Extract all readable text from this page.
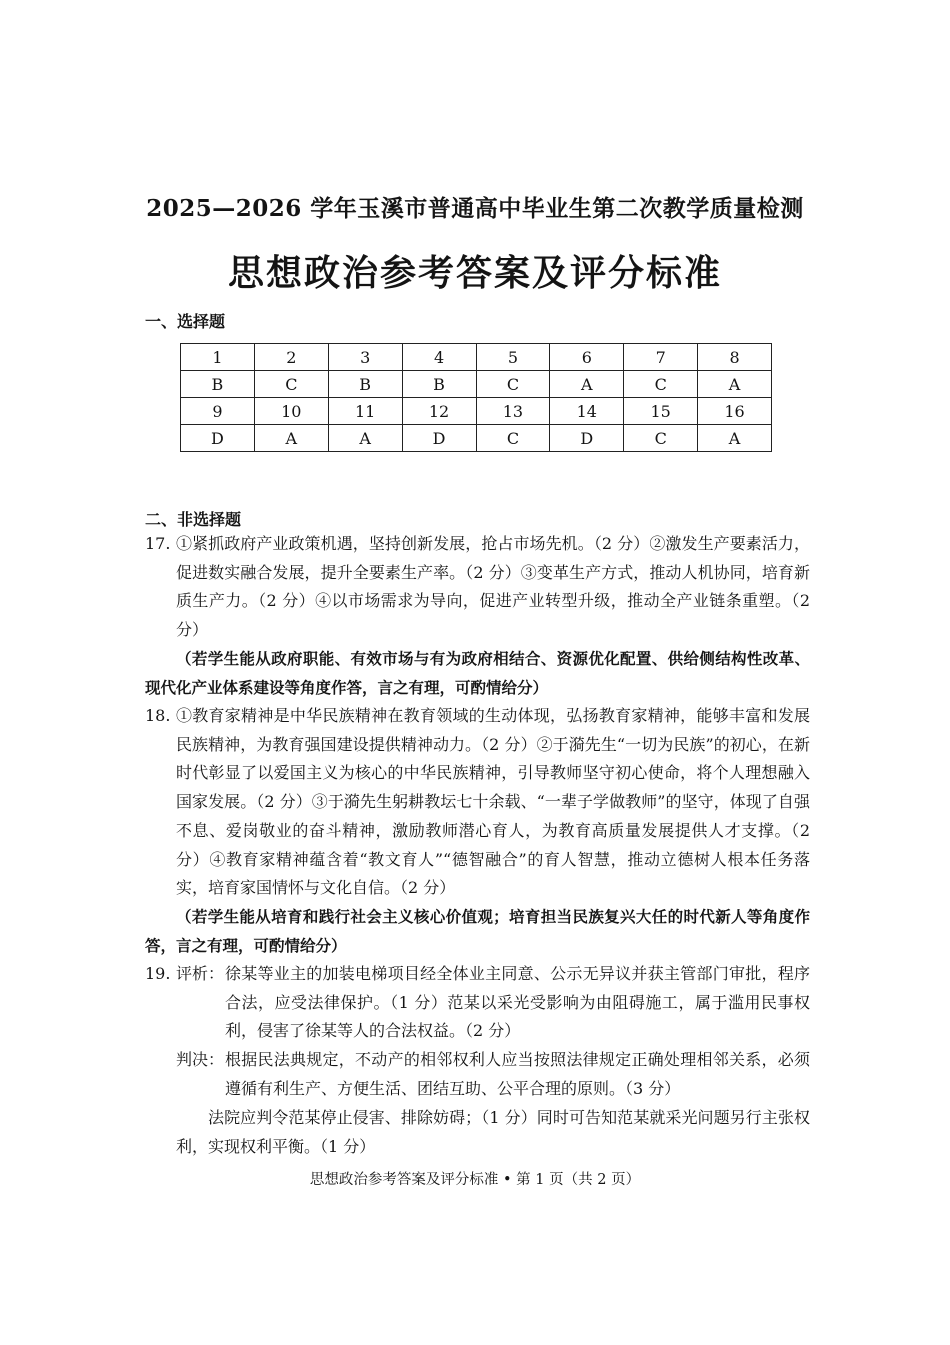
2025—2026 学年玉溪市普通高中毕业生第二次教学质量检测
思想政治参考答案及评分标准
一、选择题
1	2	3	4	5	6	7	8
B	C	B	B	C	A	C	A
9	10	11	12	13	14	15	16
D	A	A	D	C	D	C	A
二、非选择题
17. ①紧抓政府产业政策机遇，坚持创新发展，抢占市场先机。（2 分）②激发生产要素活力，促进数实融合发展，提升全要素生产率。（2 分）③变革生产方式，推动人机协同，培育新质生产力。（2 分）④以市场需求为导向，促进产业转型升级，推动全产业链条重塑。（2 分）
（若学生能从政府职能、有效市场与有为政府相结合、资源优化配置、供给侧结构性改革、现代化产业体系建设等角度作答，言之有理，可酌情给分）
18. ①教育家精神是中华民族精神在教育领域的生动体现，弘扬教育家精神，能够丰富和发展民族精神，为教育强国建设提供精神动力。（2 分）②于漪先生“一切为民族”的初心，在新时代彰显了以爱国主义为核心的中华民族精神，引导教师坚守初心使命，将个人理想融入国家发展。（2 分）③于漪先生躬耕教坛七十余载、“一辈子学做教师”的坚守，体现了自强不息、爱岗敬业的奋斗精神，激励教师潜心育人，为教育高质量发展提供人才支撑。（2 分）④教育家精神蕴含着“教文育人”“德智融合”的育人智慧，推动立德树人根本任务落实，培育家国情怀与文化自信。（2 分）
（若学生能从培育和践行社会主义核心价值观；培育担当民族复兴大任的时代新人等角度作答，言之有理，可酌情给分）
19. 评析： 徐某等业主的加装电梯项目经全体业主同意、公示无异议并获主管部门审批，程序合法，应受法律保护。（1 分）范某以采光受影响为由阻碍施工，属于滥用民事权利，侵害了徐某等人的合法权益。（2 分）
判决： 根据民法典规定，不动产的相邻权利人应当按照法律规定正确处理相邻关系，必须遵循有利生产、方便生活、团结互助、公平合理的原则。（3 分）
法院应判令范某停止侵害、排除妨碍；（1 分）同时可告知范某就采光问题另行主张权利，实现权利平衡。（1 分）
思想政治参考答案及评分标准 • 第 1 页（共 2 页）
